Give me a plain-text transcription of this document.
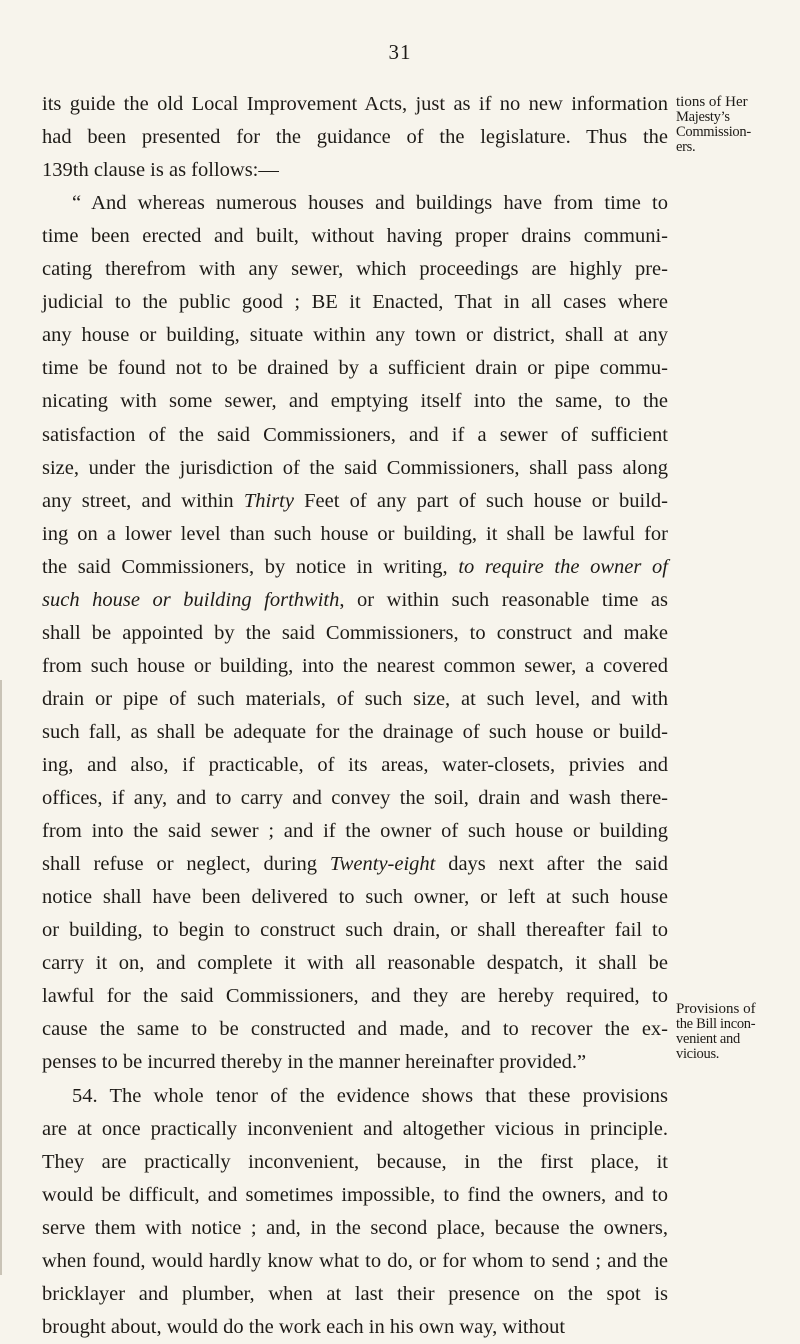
31
its guide the old Local Improvement Acts, just as if no new information
had been presented for the guidance of the legislature. Thus the
139th clause is as follows:—
“ And whereas numerous houses and buildings have from time to
time been erected and built, without having proper drains communi-
cating therefrom with any sewer, which proceedings are highly pre-
judicial to the public good ; BE it Enacted, That in all cases where
any house or building, situate within any town or district, shall at any
time be found not to be drained by a sufficient drain or pipe commu-
nicating with some sewer, and emptying itself into the same, to the
satisfaction of the said Commissioners, and if a sewer of sufficient
size, under the jurisdiction of the said Commissioners, shall pass along
any street, and within Thirty Feet of any part of such house or build-
ing on a lower level than such house or building, it shall be lawful for
the said Commissioners, by notice in writing, to require the owner of
such house or building forthwith, or within such reasonable time as
shall be appointed by the said Commissioners, to construct and make
from such house or building, into the nearest common sewer, a covered
drain or pipe of such materials, of such size, at such level, and with
such fall, as shall be adequate for the drainage of such house or build-
ing, and also, if practicable, of its areas, water-closets, privies and
offices, if any, and to carry and convey the soil, drain and wash there-
from into the said sewer ; and if the owner of such house or building
shall refuse or neglect, during Twenty-eight days next after the said
notice shall have been delivered to such owner, or left at such house
or building, to begin to construct such drain, or shall thereafter fail to
carry it on, and complete it with all reasonable despatch, it shall be
lawful for the said Commissioners, and they are hereby required, to
cause the same to be constructed and made, and to recover the ex-
penses to be incurred thereby in the manner hereinafter provided.”
54. The whole tenor of the evidence shows that these provisions
are at once practically inconvenient and altogether vicious in principle.
They are practically inconvenient, because, in the first place, it
would be difficult, and sometimes impossible, to find the owners, and to
serve them with notice ; and, in the second place, because the owners,
when found, would hardly know what to do, or for whom to send ; and the
bricklayer and plumber, when at last their presence on the spot is
brought about, would do the work each in his own way, without
tions of Her
Majesty’s
Commission-
ers.
Provisions of
the Bill incon-
venient and
vicious.
